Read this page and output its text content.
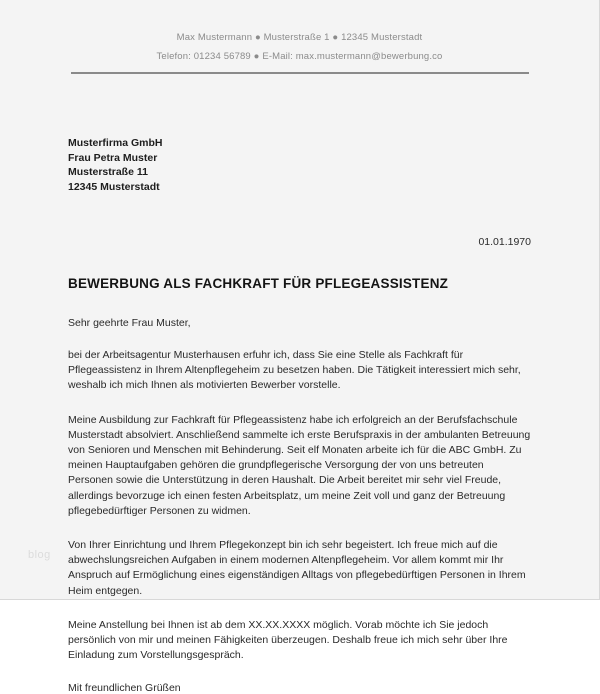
Max Mustermann ● Musterstraße 1 ● 12345 Musterstadt
Telefon: 01234 56789 ● E-Mail: max.mustermann@bewerbung.co
Musterfirma GmbH
Frau Petra Muster
Musterstraße 11
12345 Musterstadt
01.01.1970
BEWERBUNG ALS FACHKRAFT FÜR PFLEGEASSISTENZ
Sehr geehrte Frau Muster,

bei der Arbeitsagentur Musterhausen erfuhr ich, dass Sie eine Stelle als Fachkraft für Pflegeassistenz in Ihrem Altenpflegeheim zu besetzen haben. Die Tätigkeit interessiert mich sehr, weshalb ich mich Ihnen als motivierten Bewerber vorstelle.

Meine Ausbildung zur Fachkraft für Pflegeassistenz habe ich erfolgreich an der Berufsfachschule Musterstadt absolviert. Anschließend sammelte ich erste Berufspraxis in der ambulanten Betreuung von Senioren und Menschen mit Behinderung. Seit elf Monaten arbeite ich für die ABC GmbH. Zu meinen Hauptaufgaben gehören die grundpflegerische Versorgung der von uns betreuten Personen sowie die Unterstützung in deren Haushalt. Die Arbeit bereitet mir sehr viel Freude, allerdings bevorzuge ich einen festen Arbeitsplatz, um meine Zeit voll und ganz der Betreuung pflegebedürftiger Personen zu widmen.

Von Ihrer Einrichtung und Ihrem Pflegekonzept bin ich sehr begeistert. Ich freue mich auf die abwechslungsreichen Aufgaben in einem modernen Altenpflegeheim. Vor allem kommt mir Ihr Anspruch auf Ermöglichung eines eigenständigen Alltags von pflegebedürftigen Personen in Ihrem Heim entgegen.

Meine Anstellung bei Ihnen ist ab dem XX.XX.XXXX möglich. Vorab möchte ich Sie jedoch persönlich von mir und meinen Fähigkeiten überzeugen. Deshalb freue ich mich sehr über Ihre Einladung zum Vorstellungsgespräch.

Mit freundlichen Grüßen
blog
